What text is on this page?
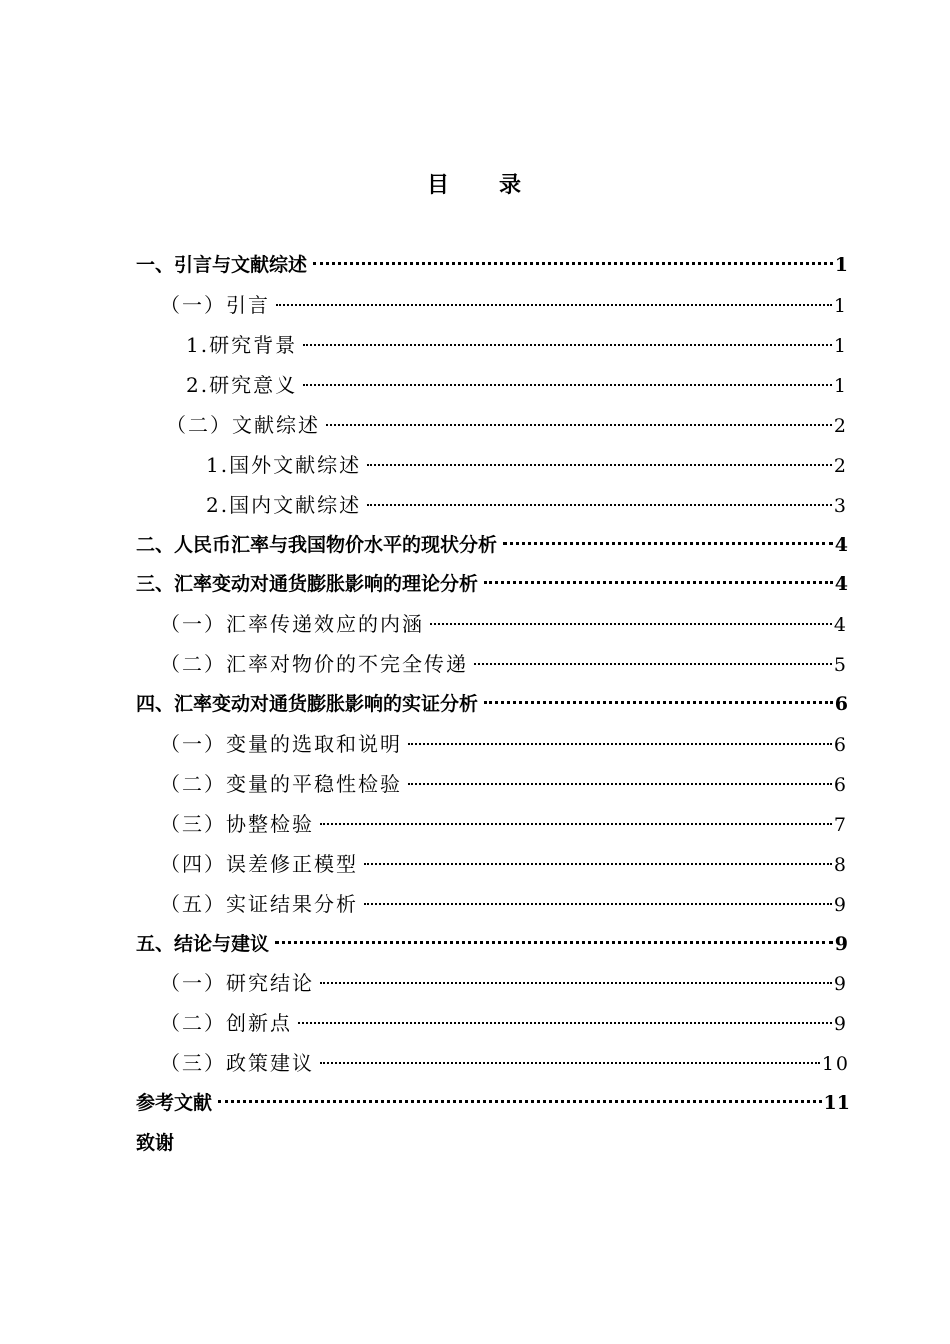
目 录
一、引言与文献综述	1
（一）引言	1
1.研究背景	1
2.研究意义	1
（二）文献综述	2
1.国外文献综述	2
2.国内文献综述	3
二、人民币汇率与我国物价水平的现状分析	4
三、汇率变动对通货膨胀影响的理论分析	4
（一）汇率传递效应的内涵	4
（二）汇率对物价的不完全传递	5
四、汇率变动对通货膨胀影响的实证分析	6
（一）变量的选取和说明	6
（二）变量的平稳性检验	6
（三）协整检验	7
（四）误差修正模型	8
（五）实证结果分析	9
五、结论与建议	9
（一）研究结论	9
（二）创新点	9
（三）政策建议	10
参考文献	11
致谢
